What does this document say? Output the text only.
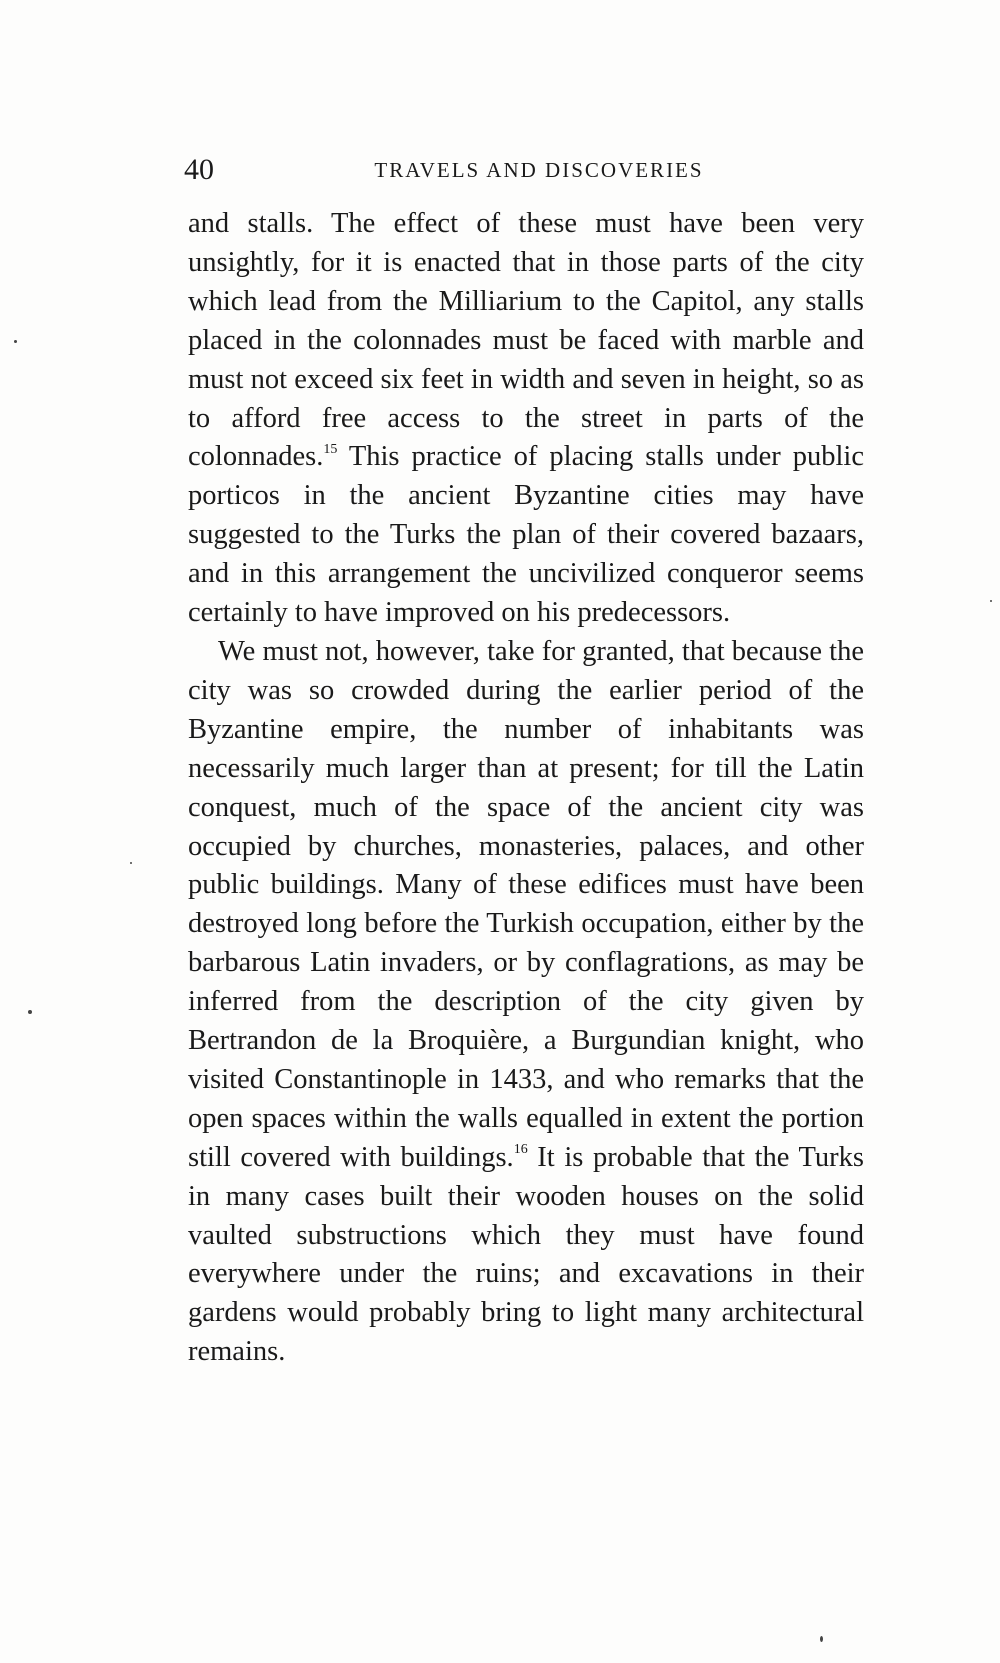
40	TRAVELS AND DISCOVERIES

and stalls. The effect of these must have been very unsightly, for it is enacted that in those parts of the city which lead from the Milliarium to the Capitol, any stalls placed in the colonnades must be faced with marble and must not exceed six feet in width and seven in height, so as to afford free access to the street in parts of the colonnades.$^{15}$ This practice of placing stalls under public porticos in the ancient Byzantine cities may have suggested to the Turks the plan of their covered bazaars, and in this arrangement the uncivilized conqueror seems certainly to have improved on his predecessors.

We must not, however, take for granted, that because the city was so crowded during the earlier period of the Byzantine empire, the number of inhabitants was necessarily much larger than at present; for till the Latin conquest, much of the space of the ancient city was occupied by churches, monasteries, palaces, and other public buildings. Many of these edifices must have been destroyed long before the Turkish occupation, either by the barbarous Latin invaders, or by conflagrations, as may be inferred from the description of the city given by Bertrandon de la Broquière, a Burgundian knight, who visited Constantinople in 1433, and who remarks that the open spaces within the walls equalled in extent the portion still covered with buildings.$^{16}$ It is probable that the Turks in many cases built their wooden houses on the solid vaulted substructions which they must have found everywhere under the ruins; and excavations in their gardens would probably bring to light many architectural remains.
